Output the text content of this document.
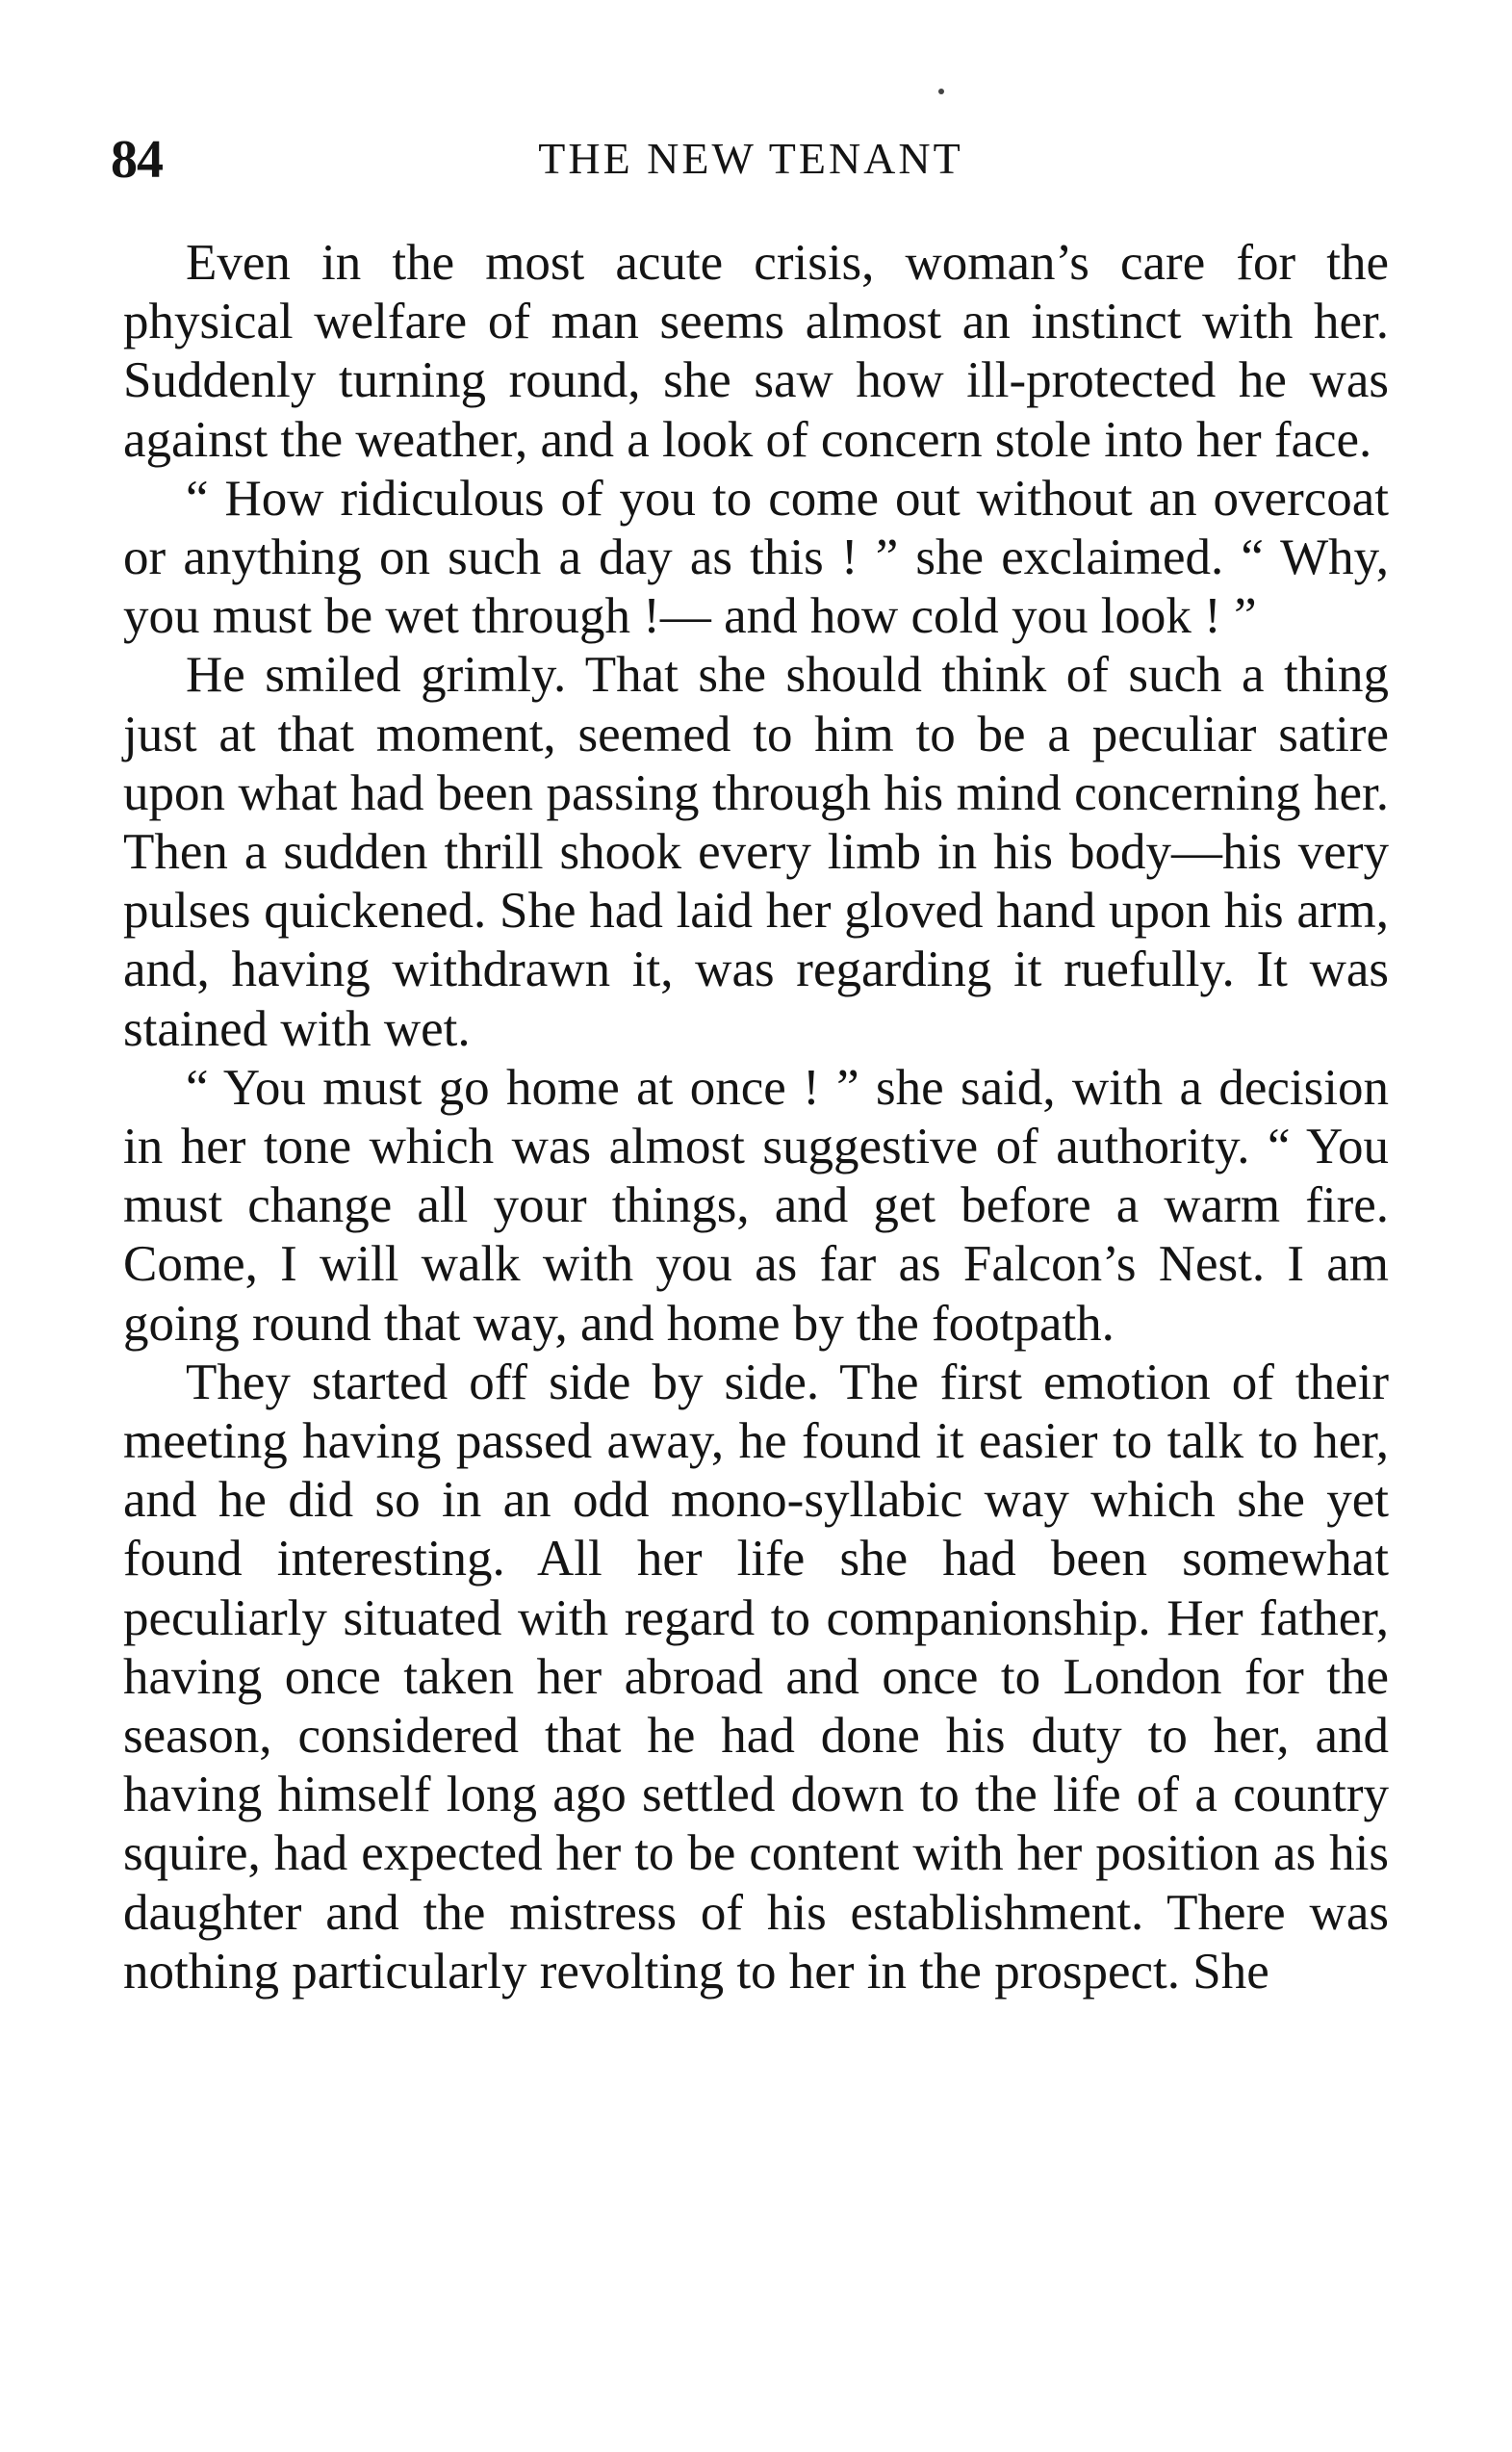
84	THE NEW TENANT

Even in the most acute crisis, woman’s care for the physical welfare of man seems almost an instinct with her. Suddenly turning round, she saw how ill-protected he was against the weather, and a look of concern stole into her face.

“ How ridiculous of you to come out without an overcoat or anything on such a day as this ! ” she exclaimed. “ Why, you must be wet through !— and how cold you look ! ”

He smiled grimly. That she should think of such a thing just at that moment, seemed to him to be a peculiar satire upon what had been passing through his mind concerning her. Then a sudden thrill shook every limb in his body—his very pulses quickened. She had laid her gloved hand upon his arm, and, having withdrawn it, was regarding it ruefully. It was stained with wet.

“ You must go home at once ! ” she said, with a decision in her tone which was almost suggestive of authority. “ You must change all your things, and get before a warm fire. Come, I will walk with you as far as Falcon’s Nest. I am going round that way, and home by the footpath.

They started off side by side. The first emotion of their meeting having passed away, he found it easier to talk to her, and he did so in an odd mono-syllabic way which she yet found interesting. All her life she had been somewhat peculiarly situated with regard to companionship. Her father, having once taken her abroad and once to London for the season, considered that he had done his duty to her, and having himself long ago settled down to the life of a country squire, had expected her to be content with her position as his daughter and the mistress of his establishment. There was nothing particularly revolting to her in the prospect. She
